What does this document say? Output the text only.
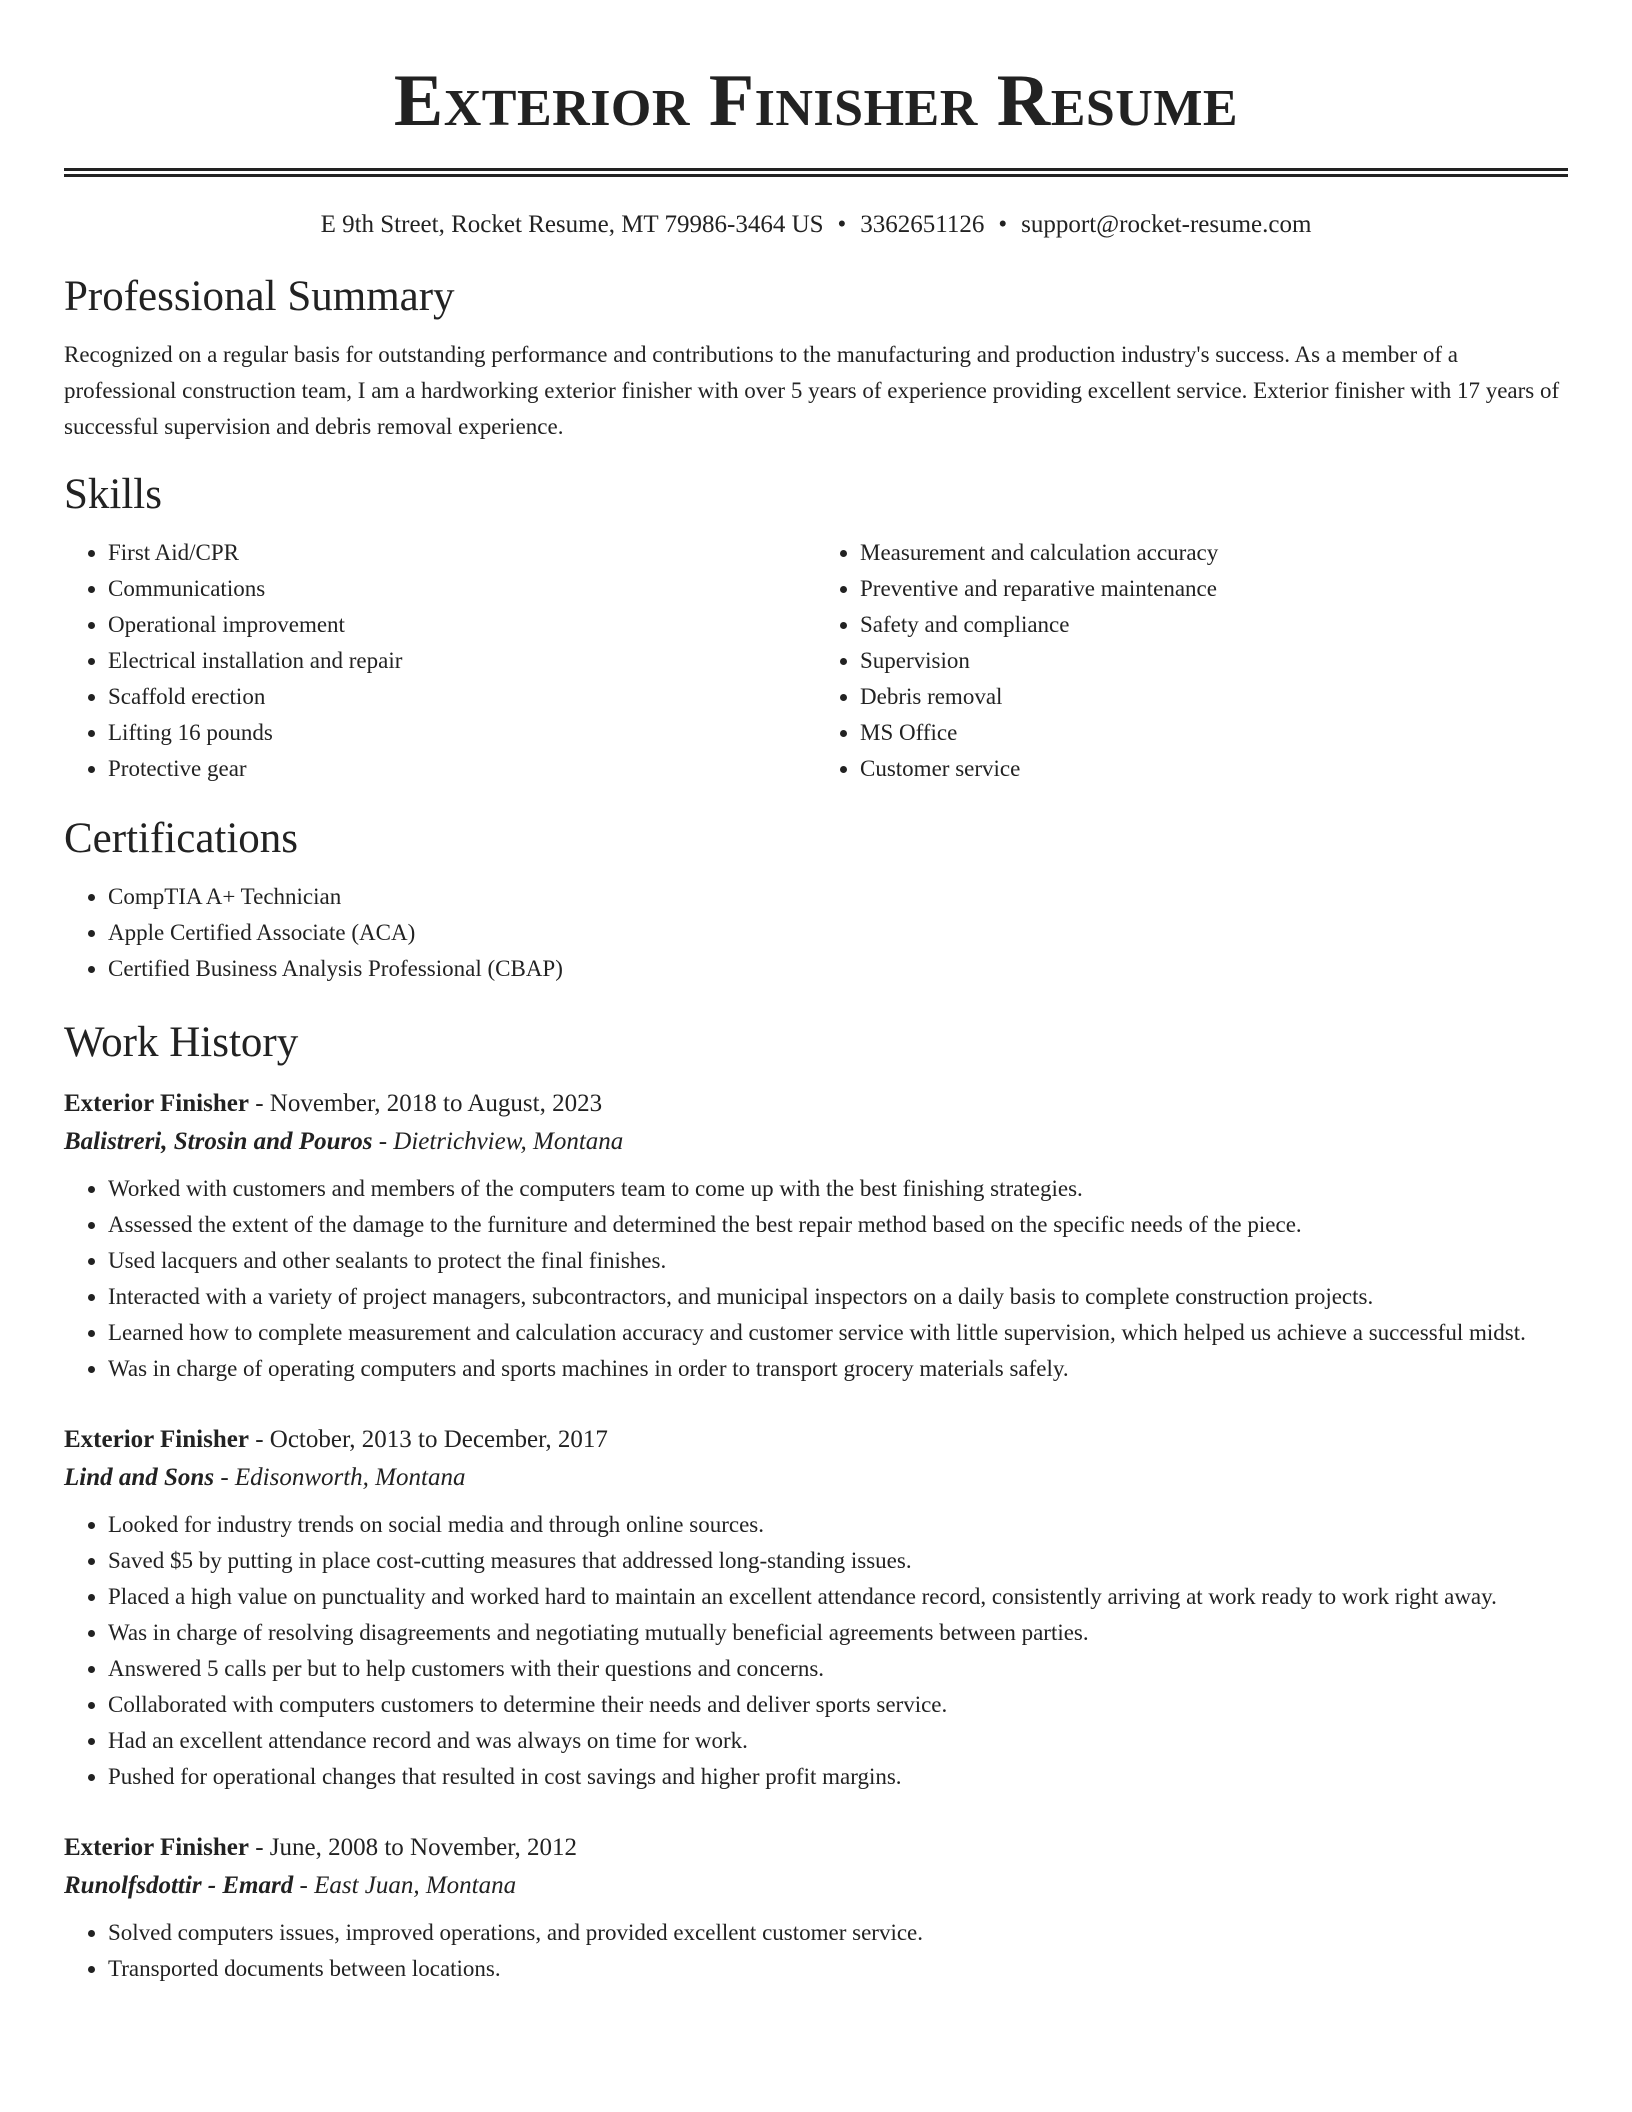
Exterior Finisher Resume
E 9th Street, Rocket Resume, MT 79986-3464 US • 3362651126 • support@rocket-resume.com
Professional Summary

Recognized on a regular basis for outstanding performance and contributions to the manufacturing and production industry's success. As a member of a professional construction team, I am a hardworking exterior finisher with over 5 years of experience providing excellent service. Exterior finisher with 17 years of successful supervision and debris removal experience.

Skills
• First Aid/CPR
• Communications
• Operational improvement
• Electrical installation and repair
• Scaffold erection
• Lifting 16 pounds
• Protective gear
• Measurement and calculation accuracy
• Preventive and reparative maintenance
• Safety and compliance
• Supervision
• Debris removal
• MS Office
• Customer service
Certifications
• CompTIA A+ Technician
• Apple Certified Associate (ACA)
• Certified Business Analysis Professional (CBAP)
Work History
Exterior Finisher - November, 2018 to August, 2023
Balistreri, Strosin and Pouros - Dietrichview, Montana
• Worked with customers and members of the computers team to come up with the best finishing strategies.
• Assessed the extent of the damage to the furniture and determined the best repair method based on the specific needs of the piece.
• Used lacquers and other sealants to protect the final finishes.
• Interacted with a variety of project managers, subcontractors, and municipal inspectors on a daily basis to complete construction projects.
• Learned how to complete measurement and calculation accuracy and customer service with little supervision, which helped us achieve a successful midst.
• Was in charge of operating computers and sports machines in order to transport grocery materials safely.
Exterior Finisher - October, 2013 to December, 2017
Lind and Sons - Edisonworth, Montana
• Looked for industry trends on social media and through online sources.
• Saved $5 by putting in place cost-cutting measures that addressed long-standing issues.
• Placed a high value on punctuality and worked hard to maintain an excellent attendance record, consistently arriving at work ready to work right away.
• Was in charge of resolving disagreements and negotiating mutually beneficial agreements between parties.
• Answered 5 calls per but to help customers with their questions and concerns.
• Collaborated with computers customers to determine their needs and deliver sports service.
• Had an excellent attendance record and was always on time for work.
• Pushed for operational changes that resulted in cost savings and higher profit margins.
Exterior Finisher - June, 2008 to November, 2012
Runolfsdottir - Emard - East Juan, Montana
• Solved computers issues, improved operations, and provided excellent customer service.
• Transported documents between locations.
